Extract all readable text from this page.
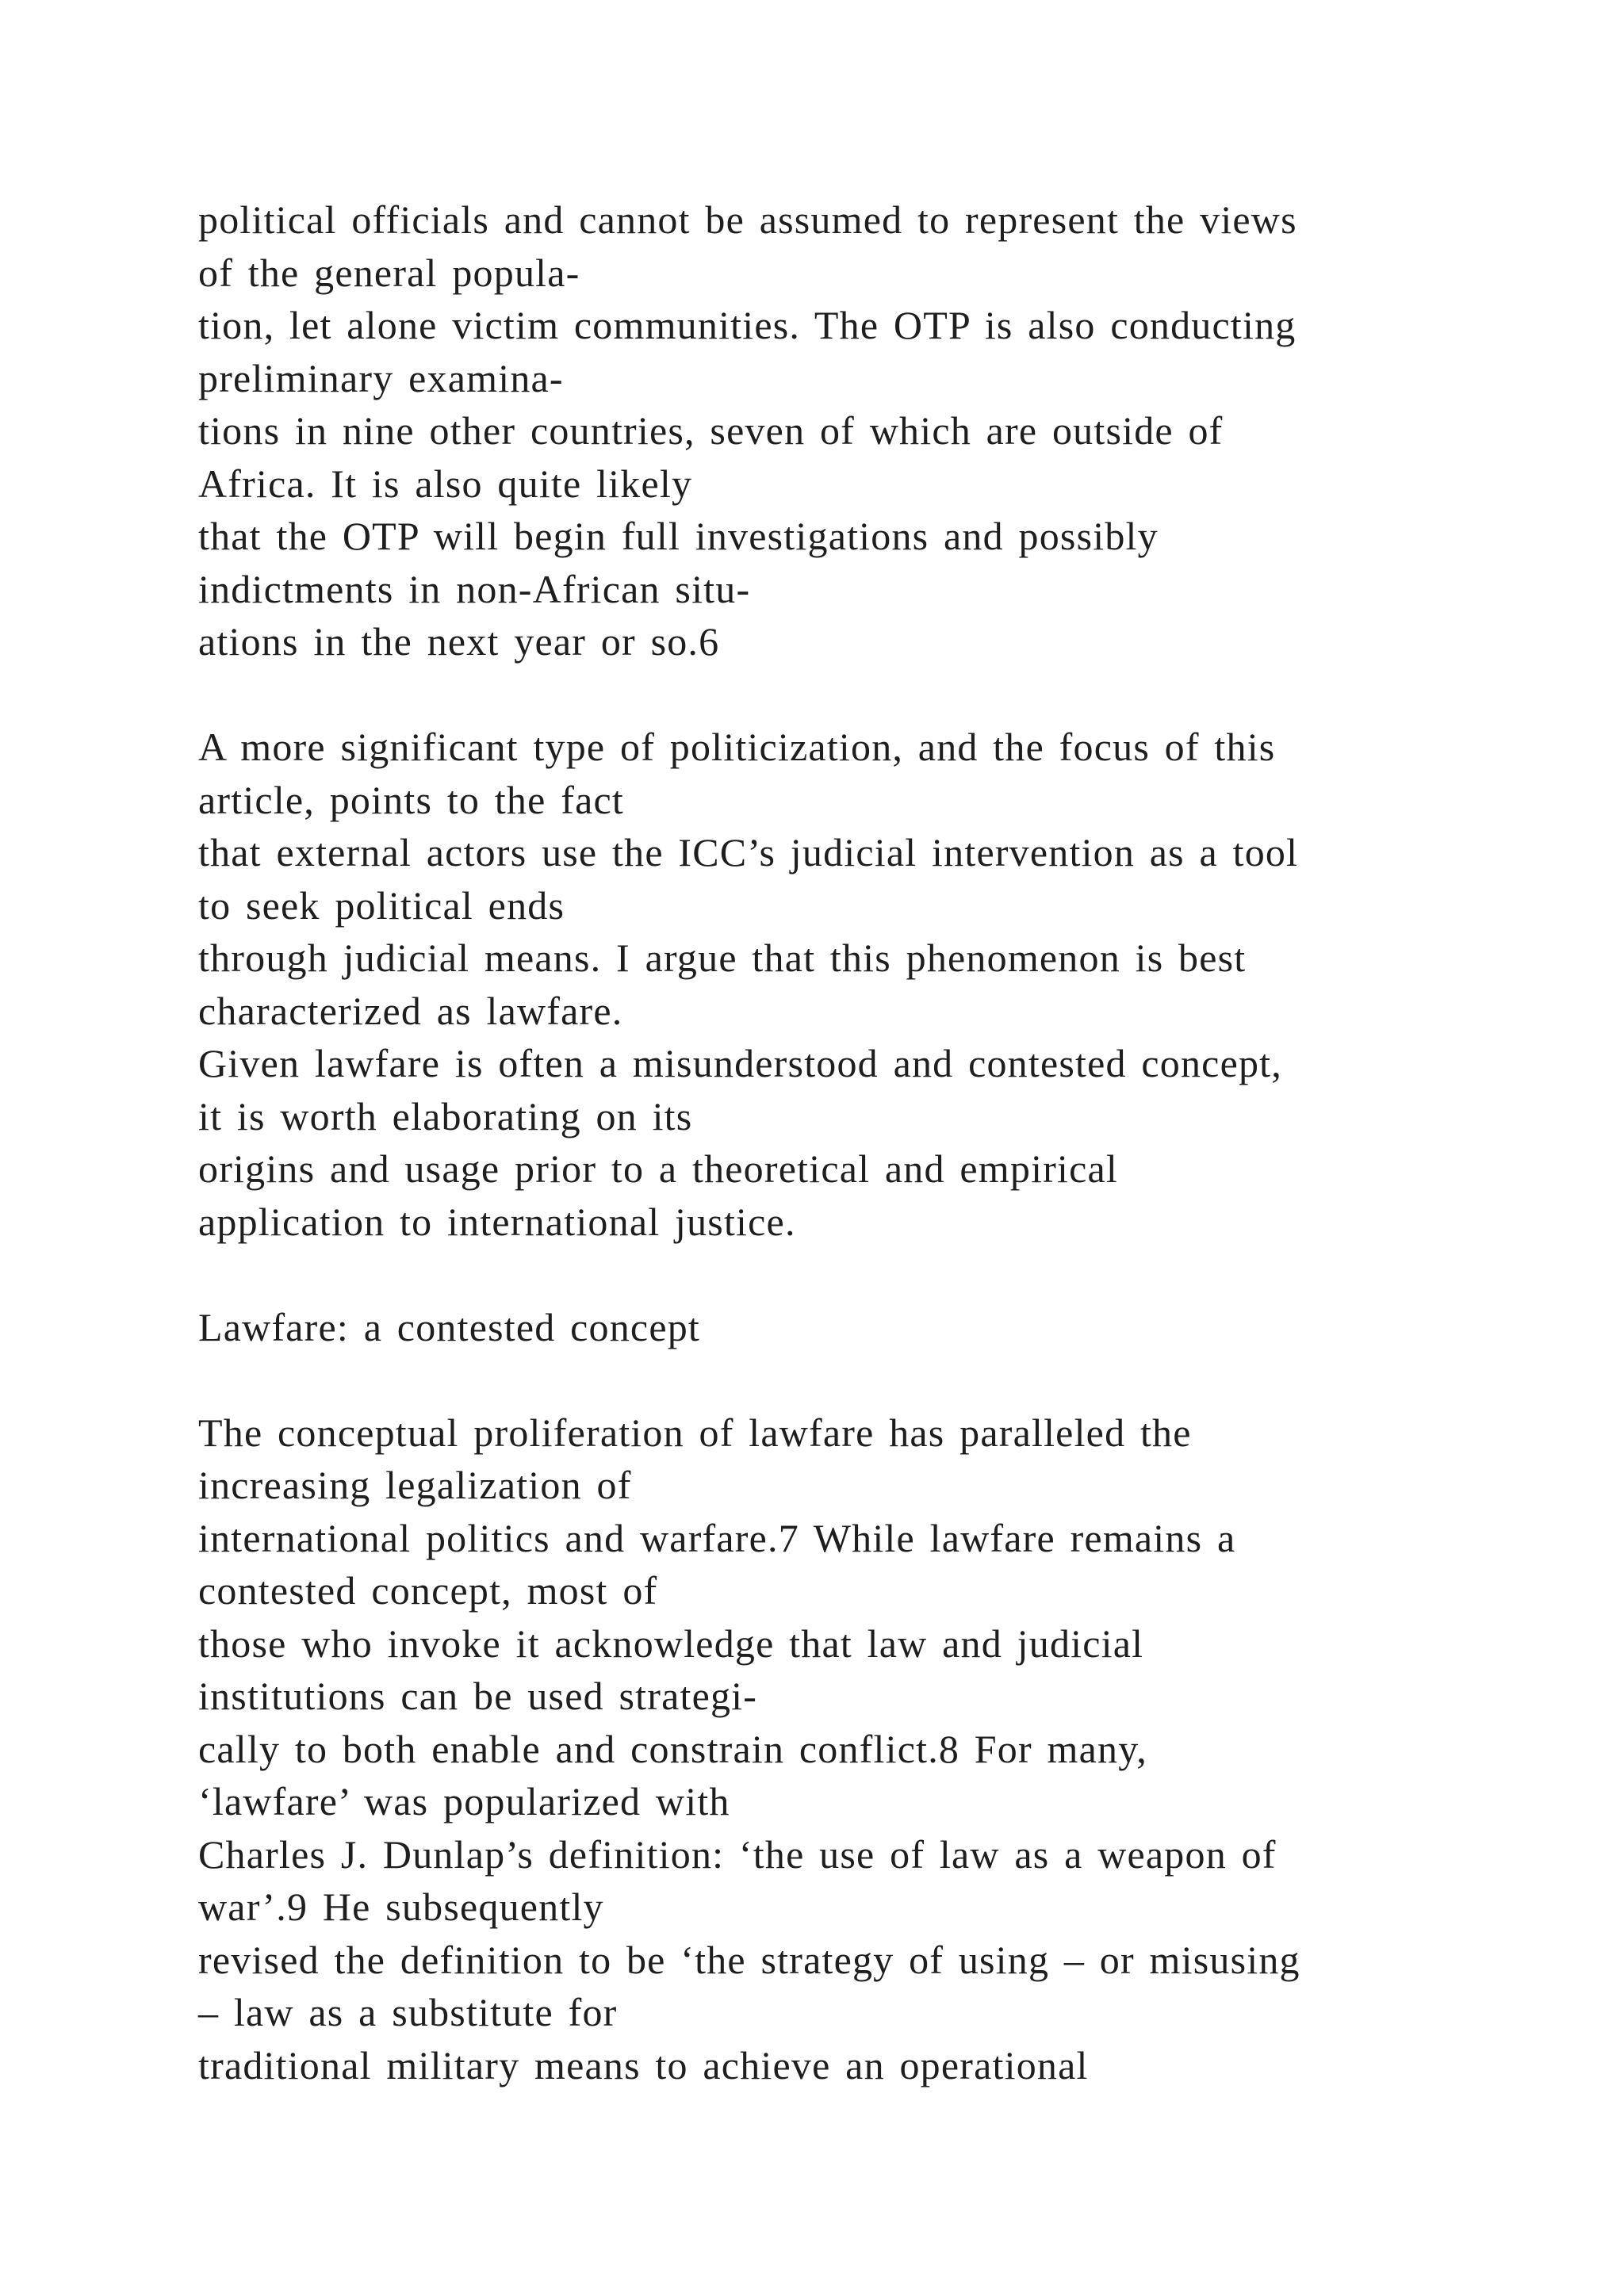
political officials and cannot be assumed to represent the views
of the general popula-
tion, let alone victim communities. The OTP is also conducting
preliminary examina-
tions in nine other countries, seven of which are outside of
Africa. It is also quite likely
that the OTP will begin full investigations and possibly
indictments in non-African situ-
ations in the next year or so.6
A more significant type of politicization, and the focus of this
article, points to the fact
that external actors use the ICC’s judicial intervention as a tool
to seek political ends
through judicial means. I argue that this phenomenon is best
characterized as lawfare.
Given lawfare is often a misunderstood and contested concept,
it is worth elaborating on its
origins and usage prior to a theoretical and empirical
application to international justice.
Lawfare: a contested concept
The conceptual proliferation of lawfare has paralleled the
increasing legalization of
international politics and warfare.7 While lawfare remains a
contested concept, most of
those who invoke it acknowledge that law and judicial
institutions can be used strategi-
cally to both enable and constrain conflict.8 For many,
‘lawfare’ was popularized with
Charles J. Dunlap’s definition: ‘the use of law as a weapon of
war’.9 He subsequently
revised the definition to be ‘the strategy of using – or misusing
– law as a substitute for
traditional military means to achieve an operational
